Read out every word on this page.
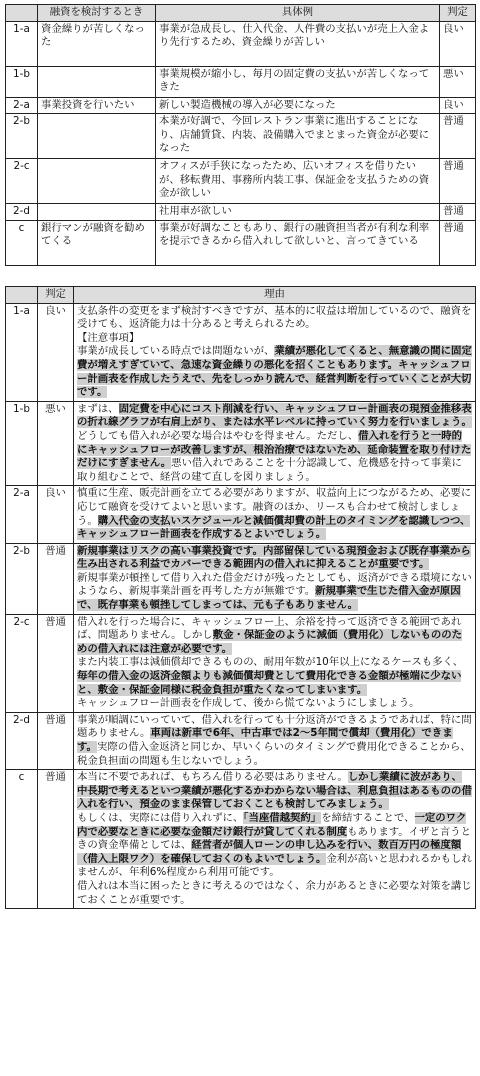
	融資を検討するとき	具体例	判定
1-a	資金繰りが苦しくなった	事業が急成長し、仕入代金、人件費の支払いが売上入金より先行するため、資金繰りが苦しい	良い
1-b		事業規模が縮小し、毎月の固定費の支払いが苦しくなってきた	悪い
2-a	事業投資を行いたい	新しい製造機械の導入が必要になった	良い
2-b		本業が好調で、今回レストラン事業に進出することになり、店舗賃貸、内装、設備購入でまとまった資金が必要になった	普通
2-c		オフィスが手狭になったため、広いオフィスを借りたいが、移転費用、事務所内装工事、保証金を支払うための資金が欲しい	普通
2-d		社用車が欲しい	普通
c	銀行マンが融資を勧めてくる	事業が好調なこともあり、銀行の融資担当者が有利な利率を提示できるから借入れして欲しいと、言ってきている	普通
	判定	理由
1-a	良い	支払条件の変更をまず検討すべきですが、基本的に収益は増加しているので、融資を受けても、返済能力は十分あると考えられるため。
【注意事項】
事業が成長している時点では問題ないが、業績が悪化してくると、無意識の間に固定費が増えすぎていて、急速な資金繰りの悪化を招くこともあります。キャッシュフロー計画表を作成したうえで、先をしっかり読んで、経営判断を行っていくことが大切です。

1-b	悪い	まずは、固定費を中心にコスト削減を行い、キャッシュフロー計画表の現預金推移表の折れ線グラフが右肩上がり、または水平レベルに持っていく努力を行いましょう。
どうしても借入れが必要な場合はやむを得ません。ただし、借入れを行うと一時的にキャッシュフローが改善しますが、根治治療ではないため、延命装置を取り付けただけにすぎません。悪い借入れであることを十分認識して、危機感を持って事業に取り組むことで、経営の建て直しを図りましょう。

2-a	良い	慎重に生産、販売計画を立てる必要がありますが、収益向上につながるため、必要に応じて融資を受けてよいと思います。融資のほか、リースも合わせて検討しましょう。購入代金の支払いスケジュールと減価償却費の計上のタイミングを認識しつつ、キャッシュフロー計画表を作成するとよいでしょう。

2-b	普通	新規事業はリスクの高い事業投資です。内部留保している現預金および既存事業から生み出される利益でカバーできる範囲内の借入れに抑えることが重要です。
新規事業が頓挫して借り入れた借金だけが残ったとしても、返済ができる環境にないようなら、新規事業計画を再考した方が無難です。新規事業で生じた借入金が原因で、既存事業も頓挫してしまっては、元も子もありません。

2-c	普通	借入れを行った場合に、キャッシュフロー上、余裕を持って返済できる範囲であれば、問題ありません。しかし敷金・保証金のように減価（費用化）しないもののための借入れには注意が必要です。
また内装工事は減価償却できるものの、耐用年数が10年以上になるケースも多く、毎年の借入金の返済金額よりも減価償却費として費用化できる金額が極端に少ないと、敷金・保証金同様に税金負担が重たくなってしまいます。
キャッシュフロー計画表を作成して、後から慌てないようにしましょう。

2-d	普通	事業が順調にいっていて、借入れを行っても十分返済ができるようであれば、特に問題ありません。車両は新車で6年、中古車では2～5年間で償却（費用化）できます。実際の借入金返済と同じか、早いくらいのタイミングで費用化できることから、税金負担面の問題も生じないでしょう。

c	普通	本当に不要であれば、もちろん借りる必要はありません。しかし業績に波があり、中長期で考えるといつ業績が悪化するかわからない場合は、利息負担はあるものの借入れを行い、預金のまま保管しておくことも検討してみましょう。
もしくは、実際には借り入れずに、「当座借越契約」を締結することで、一定のワク内で必要なときに必要な金額だけ銀行が貸してくれる制度もあります。イザと言うときの資金準備としては、経営者が個人ローンの申し込みを行い、数百万円の極度額（借入上限ワク）を確保しておくのもよいでしょう。金利が高いと思われるかもしれませんが、年利6%程度から利用可能です。
借入れは本当に困ったときに考えるのではなく、余力があるときに必要な対策を講じておくことが重要です。
